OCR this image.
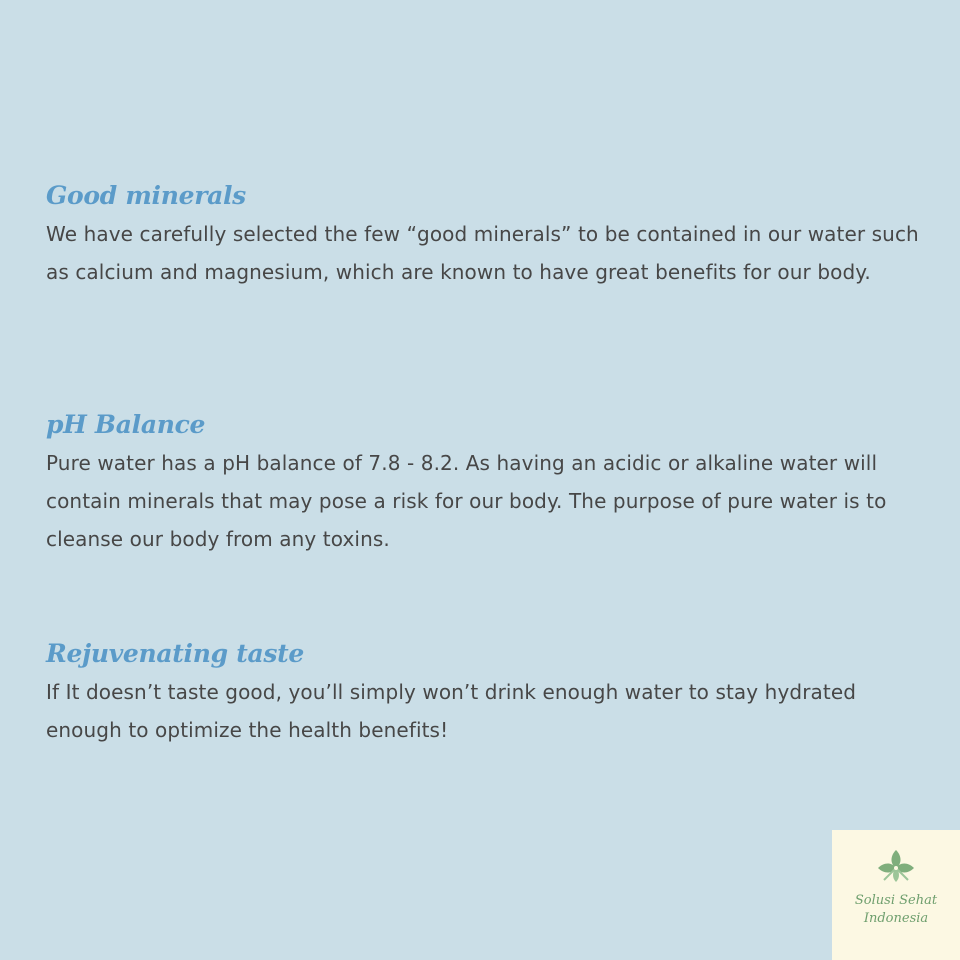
Good minerals

We have carefully selected the few “good minerals” to be contained in our water such as calcium and magnesium, which are known to have great benefits for our body.

pH Balance

Pure water has a pH balance of 7.8 - 8.2. As having an acidic or alkaline water will contain minerals that may pose a risk for our body. The purpose of pure water is to cleanse our body from any toxins.

Rejuvenating taste

If It doesn’t taste good, you’ll simply won’t drink enough water to stay hydrated enough to optimize the health benefits!

Solusi Sehat
Indonesia
